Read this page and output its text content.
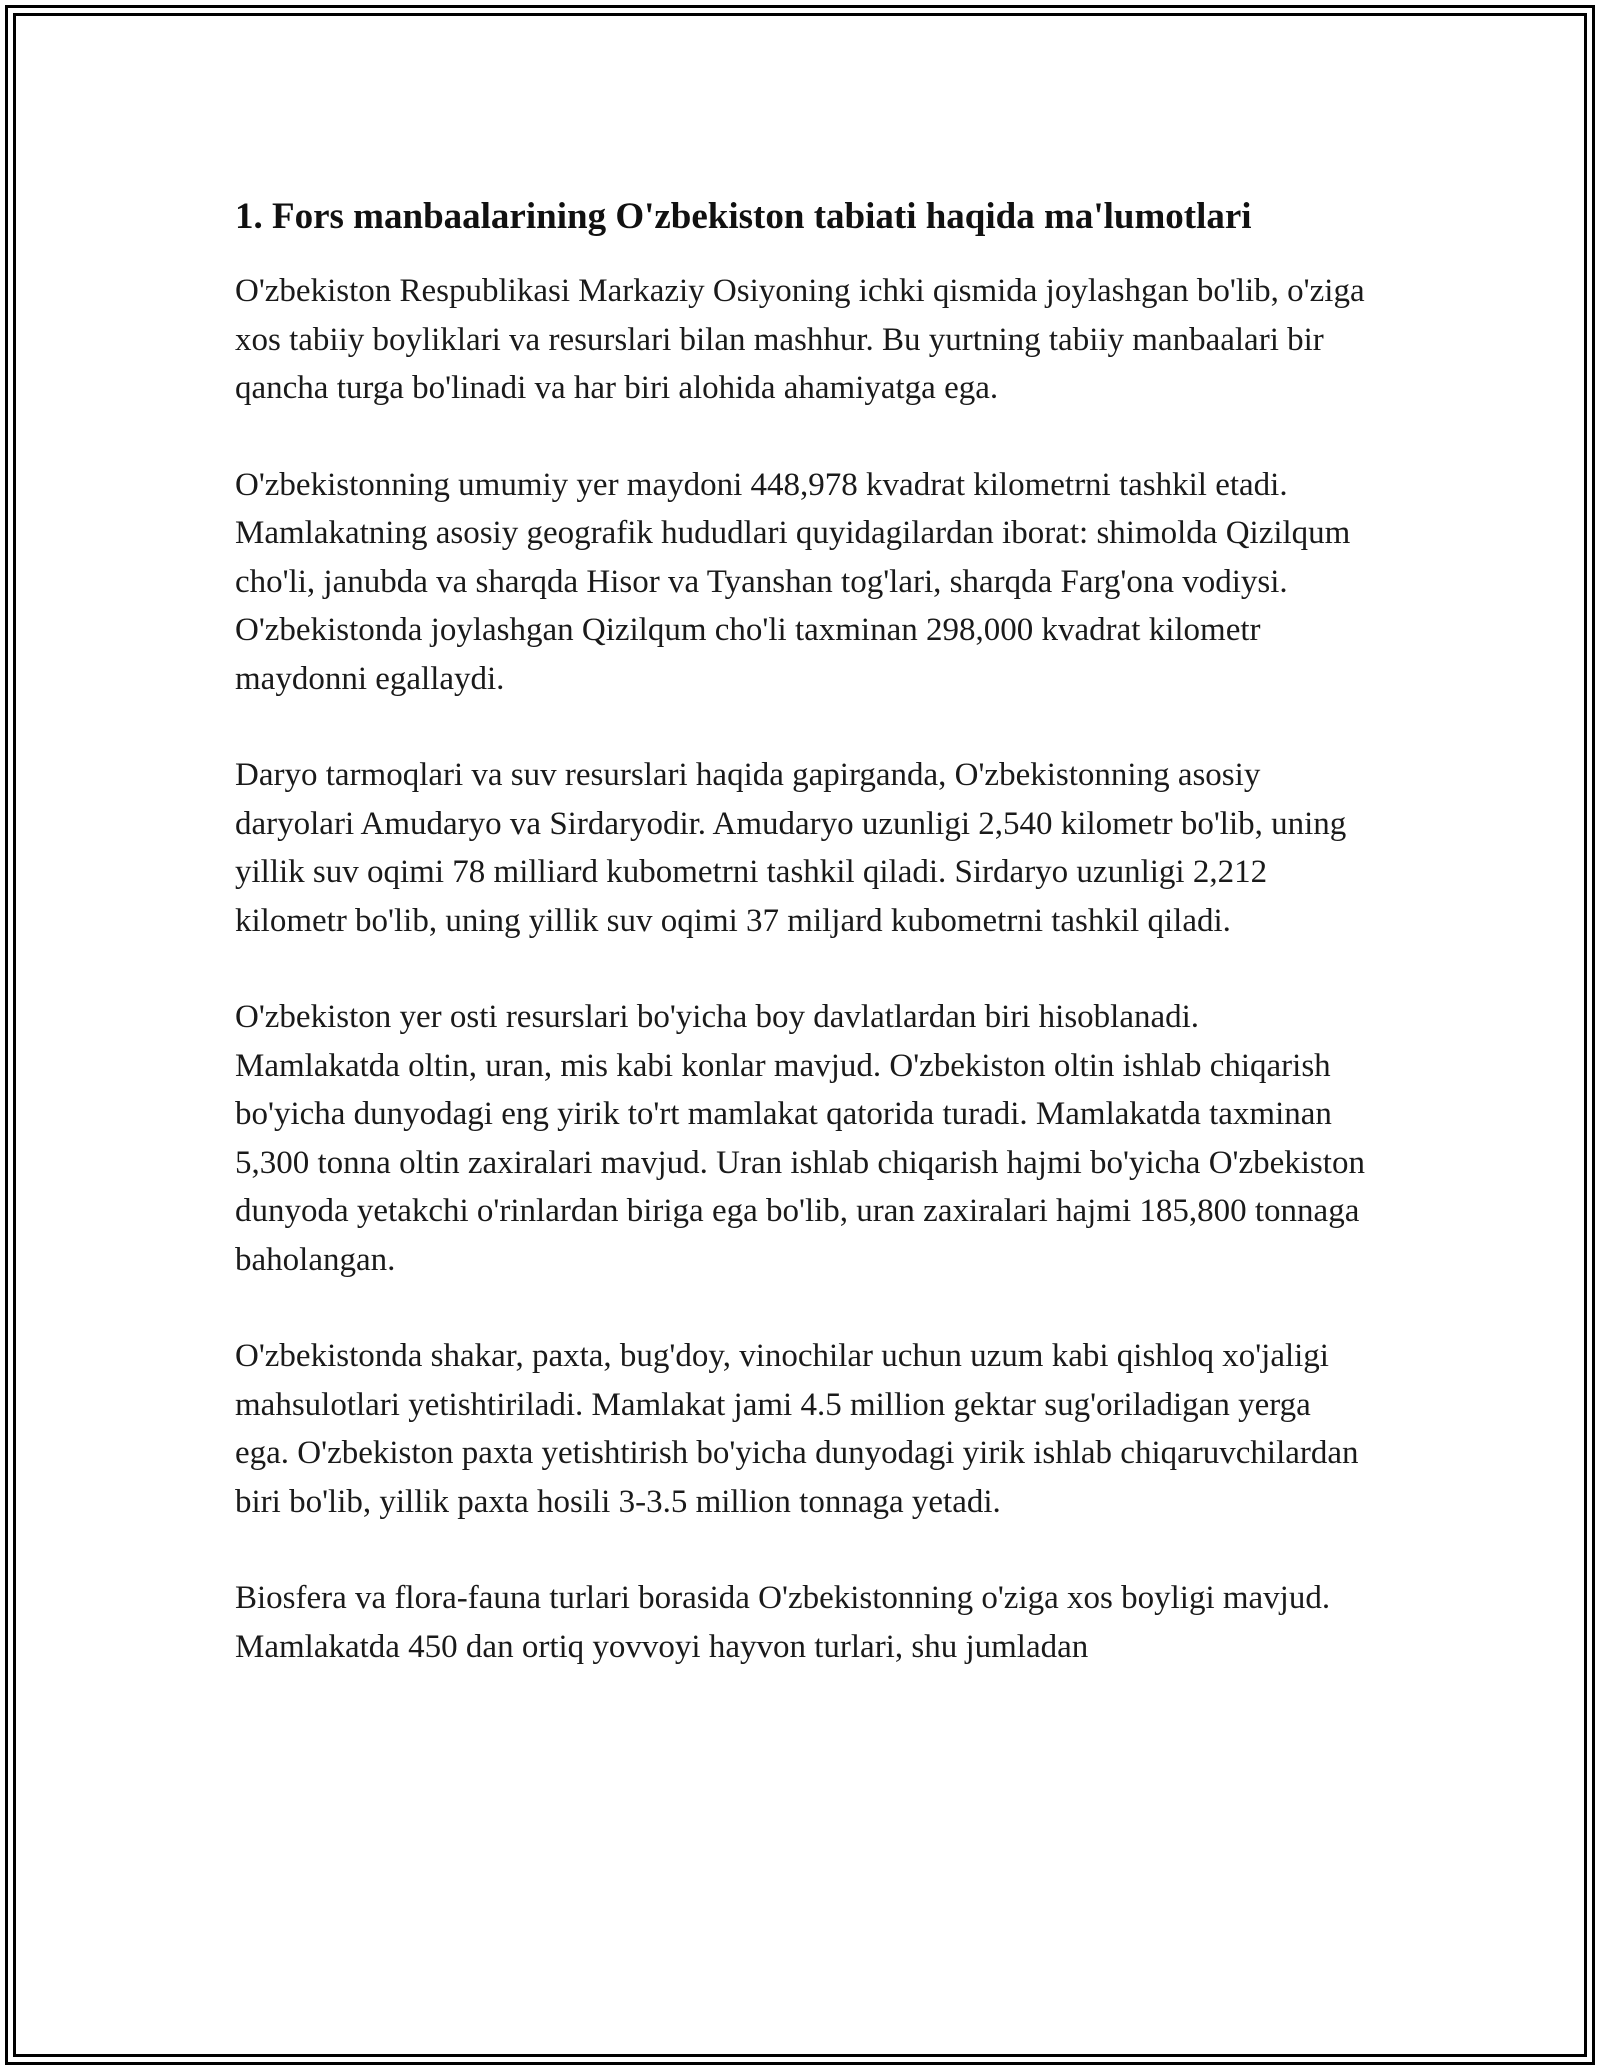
1. Fors manbaalarining O'zbekiston tabiati haqida ma'lumotlari

O'zbekiston Respublikasi Markaziy Osiyoning ichki qismida joylashgan bo'lib, o'ziga xos tabiiy boyliklari va resurslari bilan mashhur. Bu yurtning tabiiy manbaalari bir qancha turga bo'linadi va har biri alohida ahamiyatga ega.

O'zbekistonning umumiy yer maydoni 448,978 kvadrat kilometrni tashkil etadi. Mamlakatning asosiy geografik hududlari quyidagilardan iborat: shimolda Qizilqum cho'li, janubda va sharqda Hisor va Tyanshan tog'lari, sharqda Farg'ona vodiysi. O'zbekistonda joylashgan Qizilqum cho'li taxminan 298,000 kvadrat kilometr maydonni egallaydi.

Daryo tarmoqlari va suv resurslari haqida gapirganda, O'zbekistonning asosiy daryolari Amudaryo va Sirdaryodir. Amudaryo uzunligi 2,540 kilometr bo'lib, uning yillik suv oqimi 78 milliard kubometrni tashkil qiladi. Sirdaryo uzunligi 2,212 kilometr bo'lib, uning yillik suv oqimi 37 miljard kubometrni tashkil qiladi.

O'zbekiston yer osti resurslari bo'yicha boy davlatlardan biri hisoblanadi. Mamlakatda oltin, uran, mis kabi konlar mavjud. O'zbekiston oltin ishlab chiqarish bo'yicha dunyodagi eng yirik to'rt mamlakat qatorida turadi. Mamlakatda taxminan 5,300 tonna oltin zaxiralari mavjud. Uran ishlab chiqarish hajmi bo'yicha O'zbekiston dunyoda yetakchi o'rinlardan biriga ega bo'lib, uran zaxiralari hajmi 185,800 tonnaga baholangan.

O'zbekistonda shakar, paxta, bug'doy, vinochilar uchun uzum kabi qishloq xo'jaligi mahsulotlari yetishtiriladi. Mamlakat jami 4.5 million gektar sug'oriladigan yerga ega. O'zbekiston paxta yetishtirish bo'yicha dunyodagi yirik ishlab chiqaruvchilardan biri bo'lib, yillik paxta hosili 3-3.5 million tonnaga yetadi.

Biosfera va flora-fauna turlari borasida O'zbekistonning o'ziga xos boyligi mavjud. Mamlakatda 450 dan ortiq yovvoyi hayvon turlari, shu jumladan
